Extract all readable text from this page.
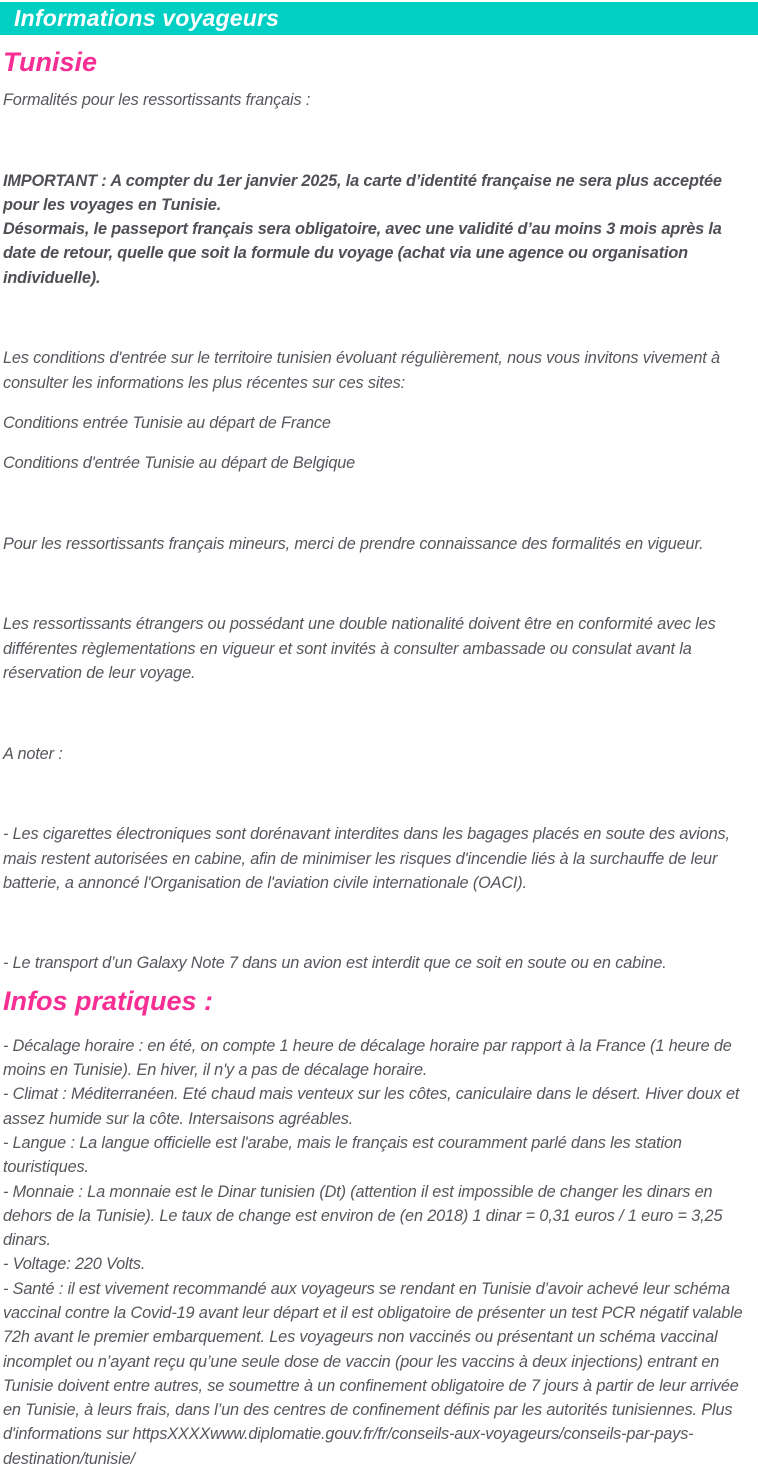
Informations voyageurs
Tunisie

Formalités pour les ressortissants français :

IMPORTANT : A compter du 1er janvier 2025, la carte d’identité française ne sera plus acceptée pour les voyages en Tunisie.
Désormais, le passeport français sera obligatoire, avec une validité d’au moins 3 mois après la date de retour, quelle que soit la formule du voyage (achat via une agence ou organisation individuelle).

Les conditions d'entrée sur le territoire tunisien évoluant régulièrement, nous vous invitons vivement à consulter les informations les plus récentes sur ces sites:

Conditions entrée Tunisie au départ de France

Conditions d'entrée Tunisie au départ de Belgique

Pour les ressortissants français mineurs, merci de prendre connaissance des formalités en vigueur.

Les ressortissants étrangers ou possédant une double nationalité doivent être en conformité avec les différentes règlementations en vigueur et sont invités à consulter ambassade ou consulat avant la réservation de leur voyage.

A noter :

- Les cigarettes électroniques sont dorénavant interdites dans les bagages placés en soute des avions, mais restent autorisées en cabine, afin de minimiser les risques d'incendie liés à la surchauffe de leur batterie, a annoncé l'Organisation de l'aviation civile internationale (OACI).

- Le transport d’un Galaxy Note 7 dans un avion est interdit que ce soit en soute ou en cabine.

Infos pratiques :

- Décalage horaire : en été, on compte 1 heure de décalage horaire par rapport à la France (1 heure de moins en Tunisie). En hiver, il n'y a pas de décalage horaire.

- Climat : Méditerranéen. Eté chaud mais venteux sur les côtes, caniculaire dans le désert. Hiver doux et assez humide sur la côte. Intersaisons agréables.

- Langue : La langue officielle est l'arabe, mais le français est couramment parlé dans les station touristiques.

- Monnaie : La monnaie est le Dinar tunisien (Dt) (attention il est impossible de changer les dinars en dehors de la Tunisie). Le taux de change est environ de (en 2018) 1 dinar = 0,31 euros / 1 euro = 3,25 dinars.

- Voltage: 220 Volts.

- Santé : il est vivement recommandé aux voyageurs se rendant en Tunisie d’avoir achevé leur schéma vaccinal contre la Covid-19 avant leur départ et il est obligatoire de présenter un test PCR négatif valable 72h avant le premier embarquement. Les voyageurs non vaccinés ou présentant un schéma vaccinal incomplet ou n’ayant reçu qu’une seule dose de vaccin (pour les vaccins à deux injections) entrant en Tunisie doivent entre autres, se soumettre à un confinement obligatoire de 7 jours à partir de leur arrivée en Tunisie, à leurs frais, dans l’un des centres de confinement définis par les autorités tunisiennes. Plus d'informations sur httpsXXXXwww.diplomatie.gouv.fr/fr/conseils-aux-voyageurs/conseils-par-pays-destination/tunisie/
